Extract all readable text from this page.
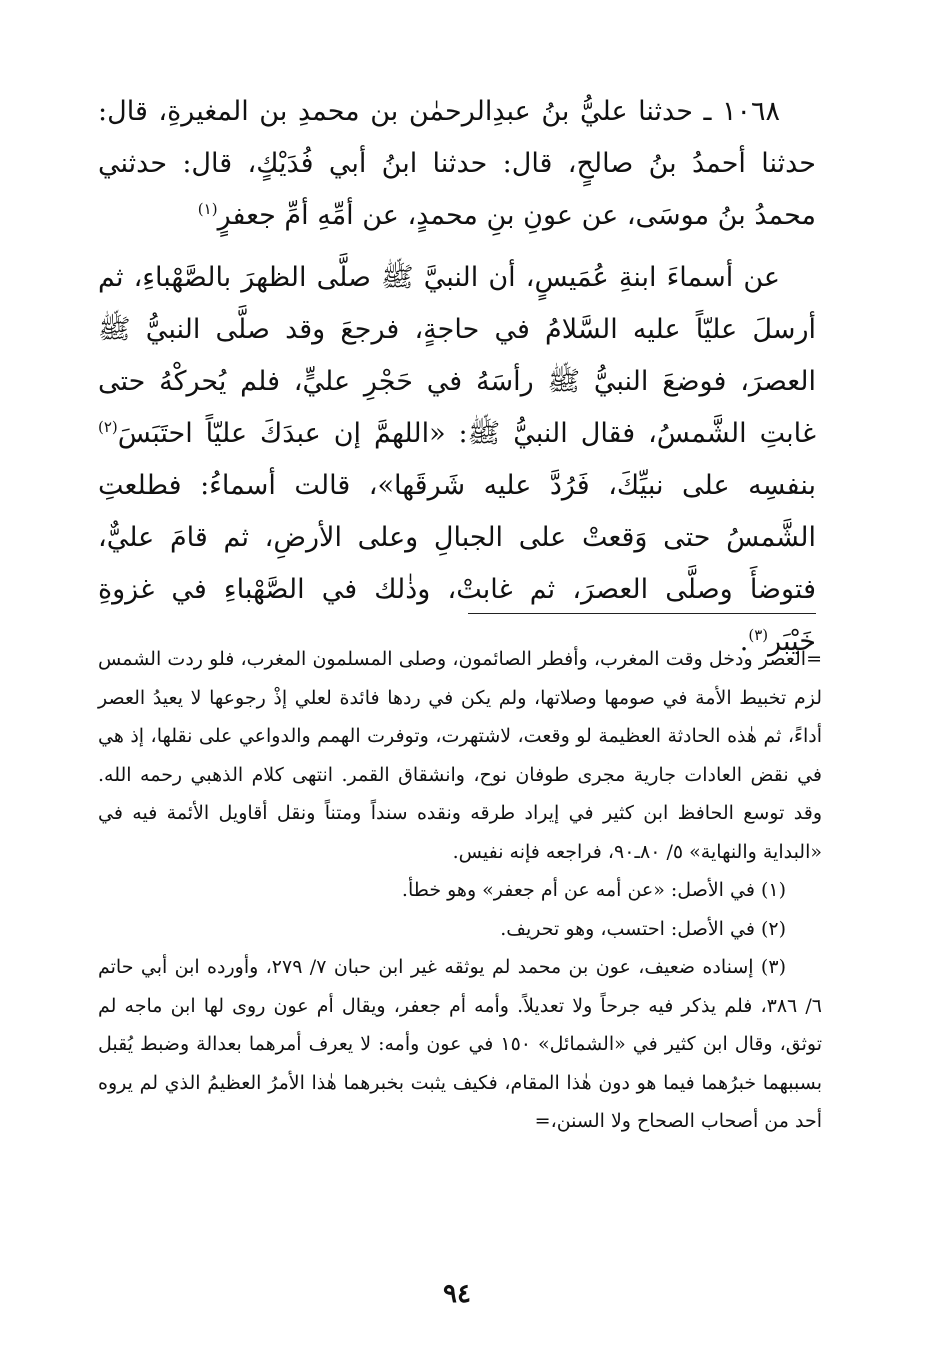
١٠٦٨ ـ حدثنا عليُّ بنُ عبدِالرحمٰن بن محمدِ بن المغيرةِ، قال: حدثنا أحمدُ بنُ صالحٍ، قال: حدثنا ابنُ أبي فُدَيْكٍ، قال: حدثني محمدُ بنُ موسَى، عن عونِ بنِ محمدٍ، عن أمِّهِ أمِّ جعفرٍ$^{(١)}$

عن أسماءَ ابنةِ عُمَيسٍ، أن النبيَّ ﷺ صلَّى الظهرَ بالصَّهْباءِ، ثم أرسلَ عليّاً عليه السَّلامُ في حاجةٍ، فرجعَ وقد صلَّى النبيُّ ﷺ العصرَ، فوضعَ النبيُّ ﷺ رأسَهُ في حَجْرِ عليٍّ، فلم يُحركْهُ حتى غابتِ الشَّمسُ، فقال النبيُّ ﷺ: «اللهمَّ إن عبدَكَ عليّاً احتَبَسَ$^{(٢)}$ بنفسِه على نبيِّكَ، فَرُدَّ عليه شَرقَها»، قالت أسماءُ: فطلعتِ الشَّمسُ حتى وَقعتْ على الجبالِ وعلى الأرضِ، ثم قامَ عليٌّ، فتوضأَ وصلَّى العصرَ، ثم غابتْ، وذٰلك في الصَّهْباءِ في غزوةِ خَيْبَر$^{(٣)}$.

=العصر ودخل وقت المغرب، وأفطر الصائمون، وصلى المسلمون المغرب، فلو ردت الشمس لزم تخبيط الأمة في صومها وصلاتها، ولم يكن في ردها فائدة لعلي إذْ رجوعها لا يعيدُ العصر أداءً، ثم هٰذه الحادثة العظيمة لو وقعت، لاشتهرت، وتوفرت الهمم والدواعي على نقلها، إذ هي في نقض العادات جارية مجرى طوفان نوح، وانشقاق القمر. انتهى كلام الذهبي رحمه الله. وقد توسع الحافظ ابن كثير في إيراد طرقه ونقده سنداً ومتناً ونقل أقاويل الأئمة فيه في «البداية والنهاية» ٥/ ٨٠ـ٩٠، فراجعه فإنه نفيس.

(١) في الأصل: «عن أمه عن أم جعفر» وهو خطأ.

(٢) في الأصل: احتسب، وهو تحريف.

(٣) إسناده ضعيف، عون بن محمد لم يوثقه غير ابن حبان ٧/ ٢٧٩، وأورده ابن أبي حاتم ٦/ ٣٨٦، فلم يذكر فيه جرحاً ولا تعديلاً. وأمه أم جعفر، ويقال أم عون روى لها ابن ماجه لم توثق، وقال ابن كثير في «الشمائل» ١٥٠ في عون وأمه: لا يعرف أمرهما بعدالة وضبط يُقبل بسببهما خبرُهما فيما هو دون هٰذا المقام، فكيف يثبت بخبرهما هٰذا الأمرُ العظيمُ الذي لم يروه أحد من أصحاب الصحاح ولا السنن،=

٩٤
